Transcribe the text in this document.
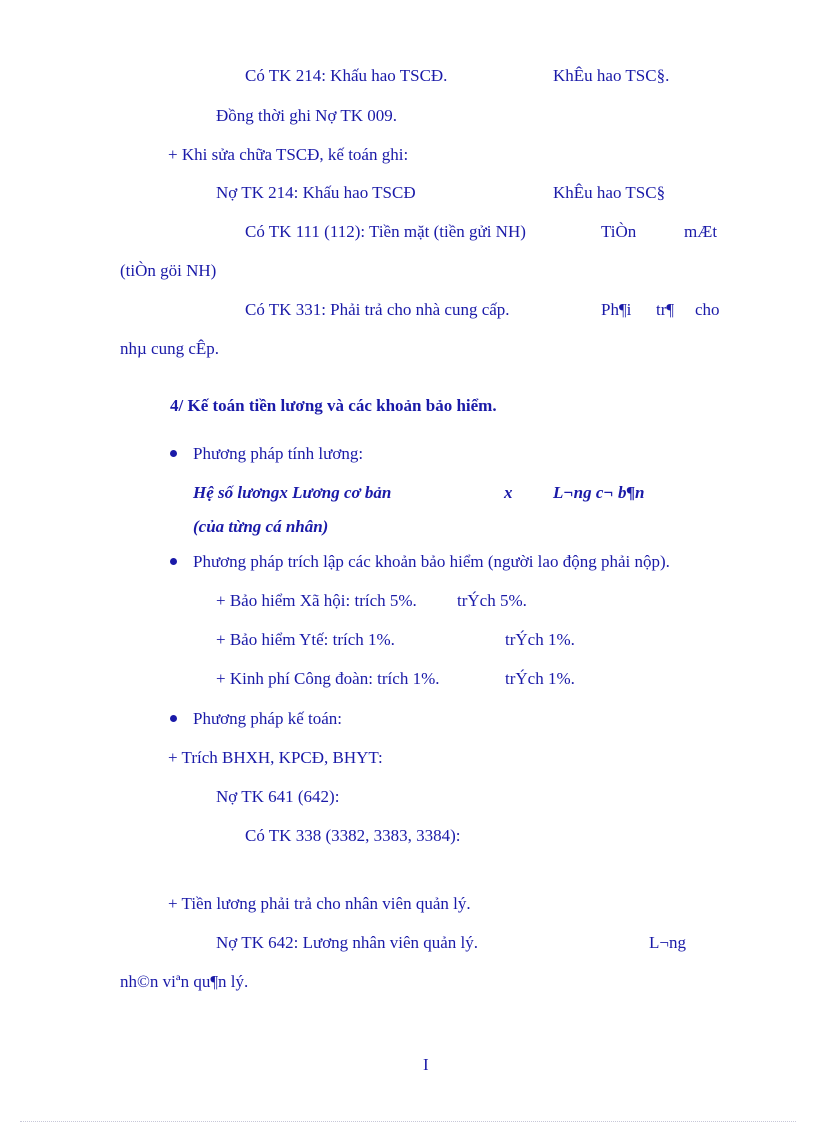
Có TK 214: Khấu hao TSCĐ.	KhÊu hao TSC§.
Đồng thời ghi Nợ TK 009.
+ Khi sửa chữa TSCĐ, kế toán ghi:
Nợ TK 214: Khấu hao TSCĐ	KhÊu hao TSC§
Có TK 111 (112): Tiền mặt (tiền gửi NH)	TiÒn	mÆt
(tiÒn göi NH)
Có TK 331: Phải trả cho nhà cung cấp.	Ph¶i tr¶ cho
nhµ cung cÊp.
4/ Kế toán tiền lương và các khoản bảo hiểm.
Phương pháp tính lương:
Hệ số lươngx Lương cơ bản	x L¬ng c¬ b¶n
(của từng cá nhân)
Phương pháp trích lập các khoản bảo hiểm (người lao động phải nộp).
+ Bảo hiểm Xã hội: trích 5%. trÝch 5%.
+ Bảo hiểm Ytế: trích 1%.	trÝch 1%.
+ Kinh phí Công đoàn: trích 1%.	trÝch 1%.
Phương pháp kế toán:
+ Trích BHXH, KPCĐ, BHYT:
Nợ TK 641 (642):
Có TK 338 (3382, 3383, 3384):
+ Tiền lương phải trả cho nhân viên quản lý.
Nợ TK 642: Lương nhân viên quản lý.	L¬ng
nh©n viªn qu¶n lý.
I
